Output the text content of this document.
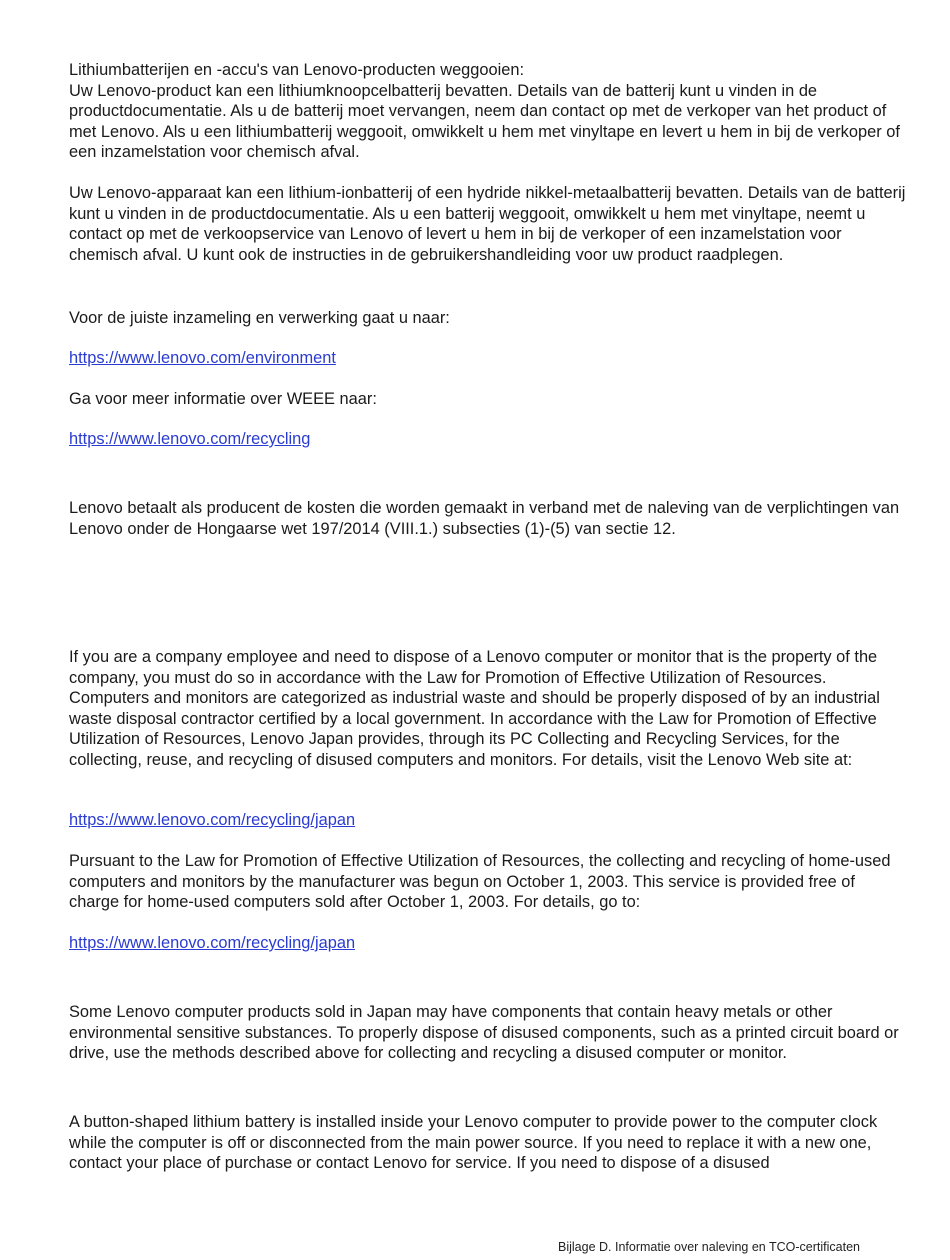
Lithiumbatterijen en -accu's van Lenovo-producten weggooien:

Uw Lenovo-product kan een lithiumknoopcelbatterij bevatten. Details van de batterij kunt u vinden in de productdocumentatie. Als u de batterij moet vervangen, neem dan contact op met de verkoper van het product of met Lenovo. Als u een lithiumbatterij weggooit, omwikkelt u hem met vinyltape en levert u hem in bij de verkoper of een inzamelstation voor chemisch afval.

Uw Lenovo-apparaat kan een lithium-ionbatterij of een hydride nikkel-metaalbatterij bevatten. Details van de batterij kunt u vinden in de productdocumentatie. Als u een batterij weggooit, omwikkelt u hem met vinyltape, neemt u contact op met de verkoopservice van Lenovo of levert u hem in bij de verkoper of een inzamelstation voor chemisch afval. U kunt ook de instructies in de gebruikershandleiding voor uw product raadplegen.

Voor de juiste inzameling en verwerking gaat u naar:

https://www.lenovo.com/environment

Ga voor meer informatie over WEEE naar:

https://www.lenovo.com/recycling

Lenovo betaalt als producent de kosten die worden gemaakt in verband met de naleving van de verplichtingen van Lenovo onder de Hongaarse wet 197/2014 (VIII.1.) subsecties (1)-(5) van sectie 12.

If you are a company employee and need to dispose of a Lenovo computer or monitor that is the property of the company, you must do so in accordance with the Law for Promotion of Effective Utilization of Resources. Computers and monitors are categorized as industrial waste and should be properly disposed of by an industrial waste disposal contractor certified by a local government. In accordance with the Law for Promotion of Effective Utilization of Resources, Lenovo Japan provides, through its PC Collecting and Recycling Services, for the collecting, reuse, and recycling of disused computers and monitors. For details, visit the Lenovo Web site at:

https://www.lenovo.com/recycling/japan

Pursuant to the Law for Promotion of Effective Utilization of Resources, the collecting and recycling of home-used computers and monitors by the manufacturer was begun on October 1, 2003. This service is provided free of charge for home-used computers sold after October 1, 2003. For details, go to:

https://www.lenovo.com/recycling/japan

Some Lenovo computer products sold in Japan may have components that contain heavy metals or other environmental sensitive substances. To properly dispose of disused components, such as a printed circuit board or drive, use the methods described above for collecting and recycling a disused computer or monitor.

A button-shaped lithium battery is installed inside your Lenovo computer to provide power to the computer clock while the computer is off or disconnected from the main power source. If you need to replace it with a new one, contact your place of purchase or contact Lenovo for service. If you need to dispose of a disused

Bijlage D. Informatie over naleving en TCO-certificaten
